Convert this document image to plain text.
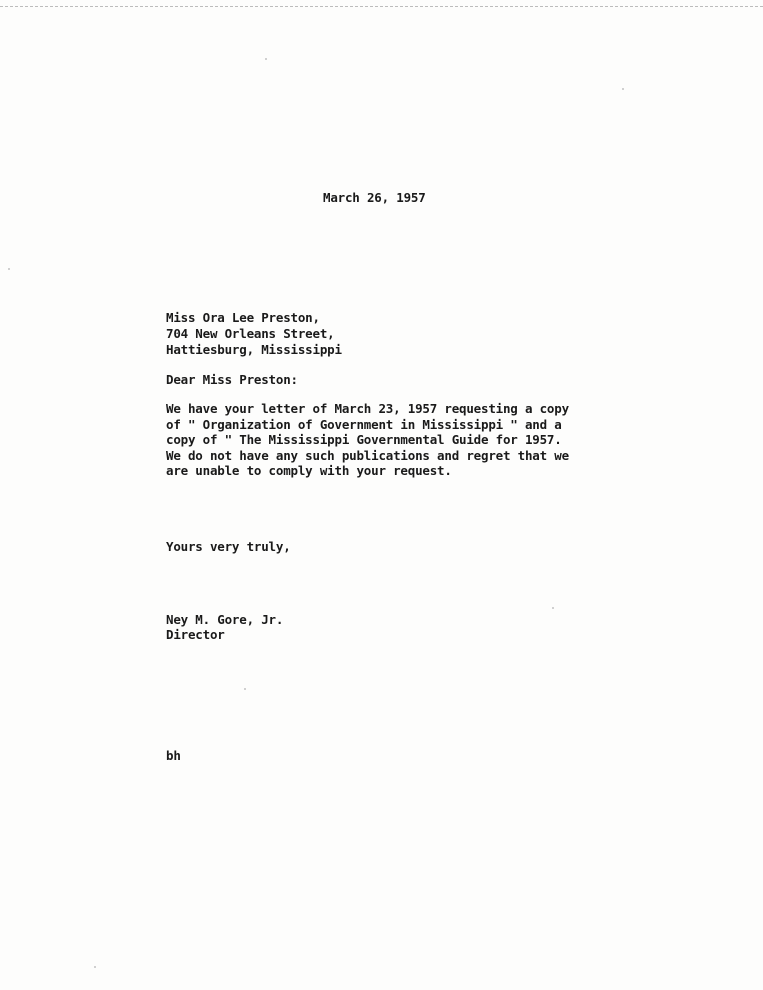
March 26, 1957
Miss Ora Lee Preston,
704 New Orleans Street,
Hattiesburg, Mississippi
Dear Miss Preston:
We have your letter of March 23, 1957 requesting a copy
of " Organization of Government in Mississippi " and a
copy of " The Mississippi Governmental Guide for 1957.
We do not have any such publications and regret that we
are unable to comply with your request.
Yours very truly,
Ney M. Gore, Jr.
Director
bh
